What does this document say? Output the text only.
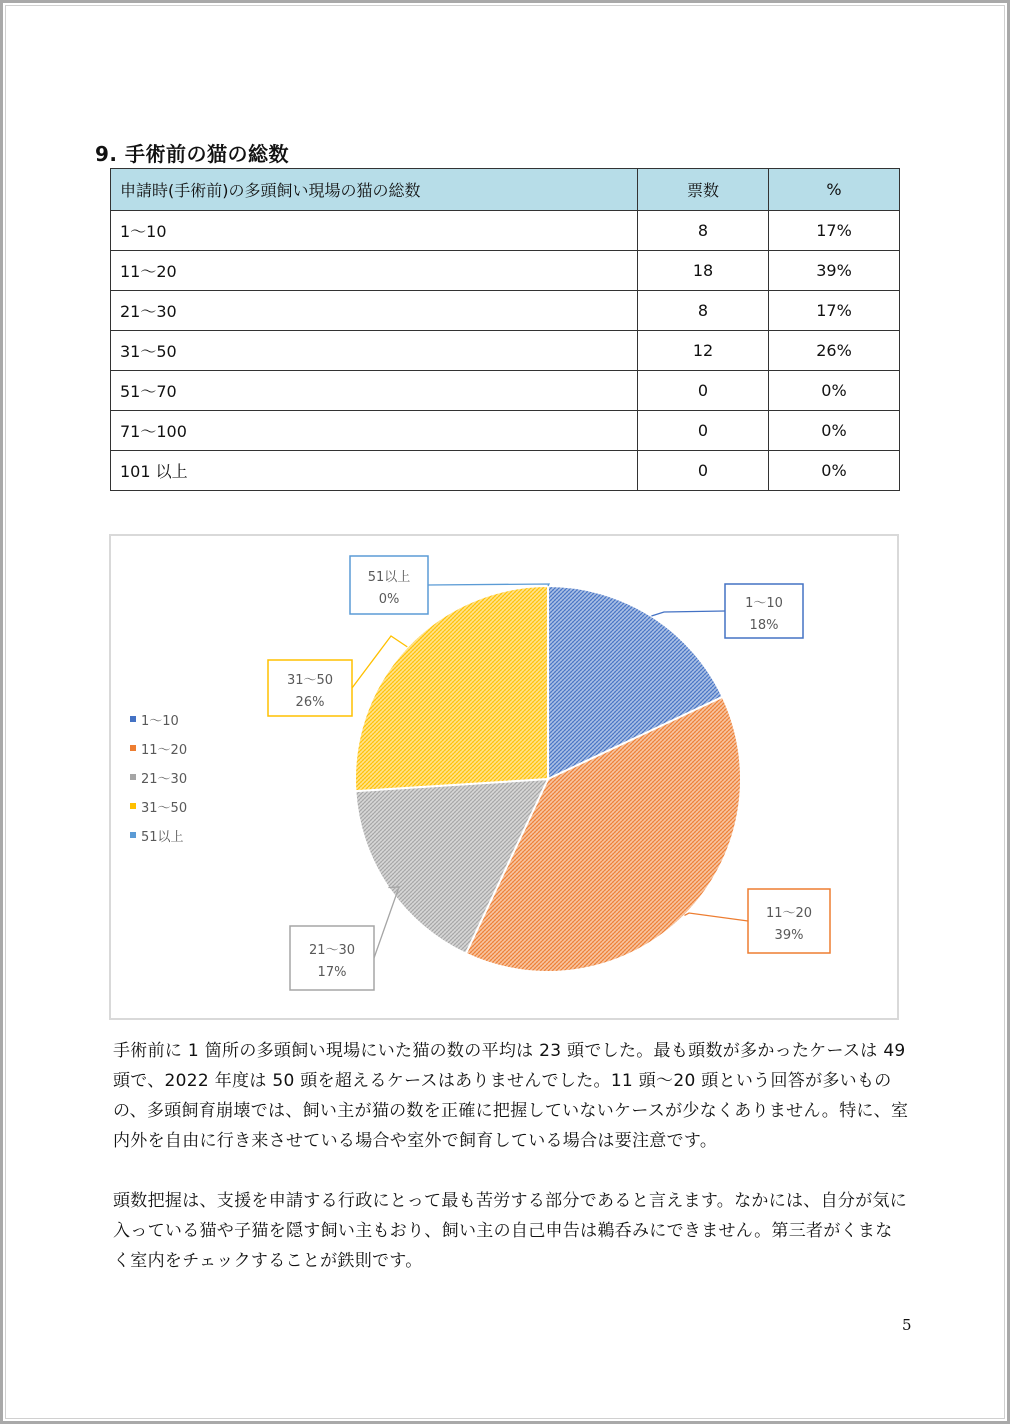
9. 手術前の猫の総数
申請時(手術前)の多頭飼い現場の猫の総数	票数	%
1〜10	8	17%
11〜20	18	39%
21〜30	8	17%
31〜50	12	26%
51〜70	0	0%
71〜100	0	0%
101 以上	0	0%
1〜10
18%
11〜20
39%
21〜30
17%
31〜50
26%
51以上
0%
1〜10
11〜20
21〜30
31〜50
51以上

手術前に 1 箇所の多頭飼い現場にいた猫の数の平均は 23 頭でした。最も頭数が多かったケースは 49 頭で、2022 年度は 50 頭を超えるケースはありませんでした。11 頭〜20 頭という回答が多いものの、多頭飼育崩壊では、飼い主が猫の数を正確に把握していないケースが少なくありません。特に、室内外を自由に行き来させている場合や室外で飼育している場合は要注意です。

頭数把握は、支援を申請する行政にとって最も苦労する部分であると言えます。なかには、自分が気に入っている猫や子猫を隠す飼い主もおり、飼い主の自己申告は鵜呑みにできません。第三者がくまなく室内をチェックすることが鉄則です。

5
